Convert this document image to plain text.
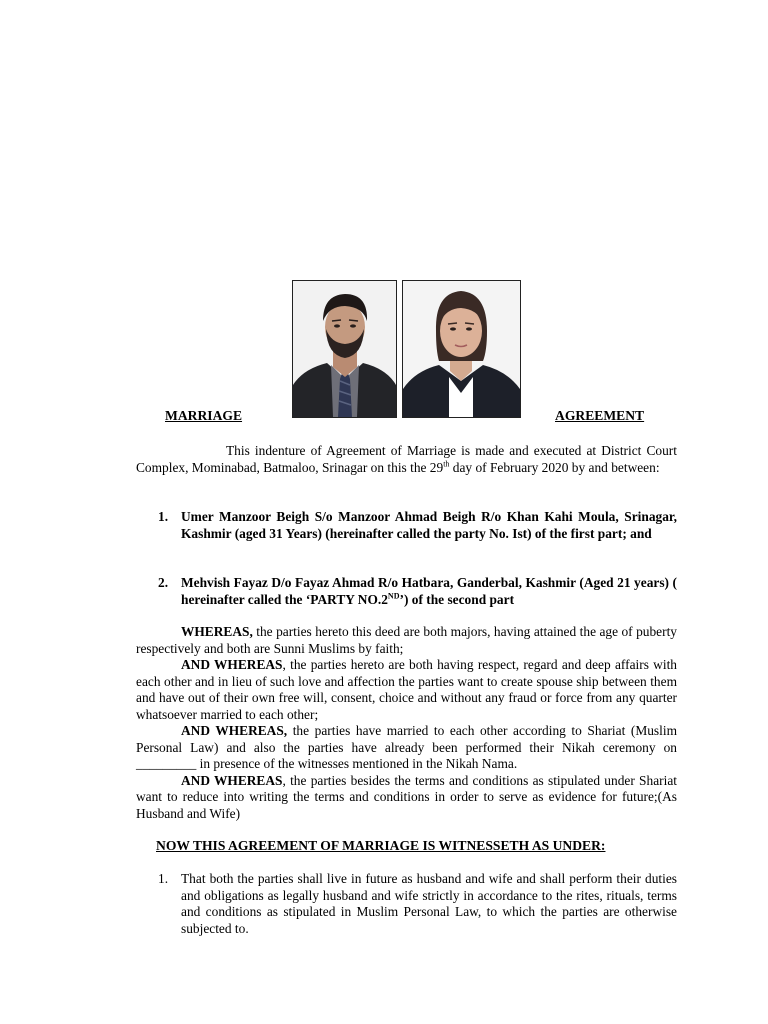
MARRIAGE	AGREEMENT
This indenture of Agreement of Marriage is made and executed at District Court Complex, Mominabad, Batmaloo, Srinagar on this the 29th day of February 2020 by and between:
1. Umer Manzoor Beigh S/o Manzoor Ahmad Beigh R/o Khan Kahi Moula, Srinagar, Kashmir (aged 31 Years) (hereinafter called the party No. Ist) of the first part; and
2. Mehvish Fayaz D/o Fayaz Ahmad R/o Hatbara, Ganderbal, Kashmir (Aged 21 years) ( hereinafter called the ‘PARTY NO.2ND’) of the second part

WHEREAS, the parties hereto this deed are both majors, having attained the age of puberty respectively and both are Sunni Muslims by faith;

AND WHEREAS, the parties hereto are both having respect, regard and deep affairs with each other and in lieu of such love and affection the parties want to create spouse ship between them and have out of their own free will, consent, choice and without any fraud or force from any quarter whatsoever married to each other;

AND WHEREAS, the parties have married to each other according to Shariat (Muslim Personal Law) and also the parties have already been performed their Nikah ceremony on _________ in presence of the witnesses mentioned in the Nikah Nama.

AND WHEREAS, the parties besides the terms and conditions as stipulated under Shariat want to reduce into writing the terms and conditions in order to serve as evidence for future;(As Husband and Wife)

NOW THIS AGREEMENT OF MARRIAGE IS WITNESSETH AS UNDER:
1. That both the parties shall live in future as husband and wife and shall perform their duties and obligations as legally husband and wife strictly in accordance to the rites, rituals, terms and conditions as stipulated in Muslim Personal Law, to which the parties are otherwise subjected to.
